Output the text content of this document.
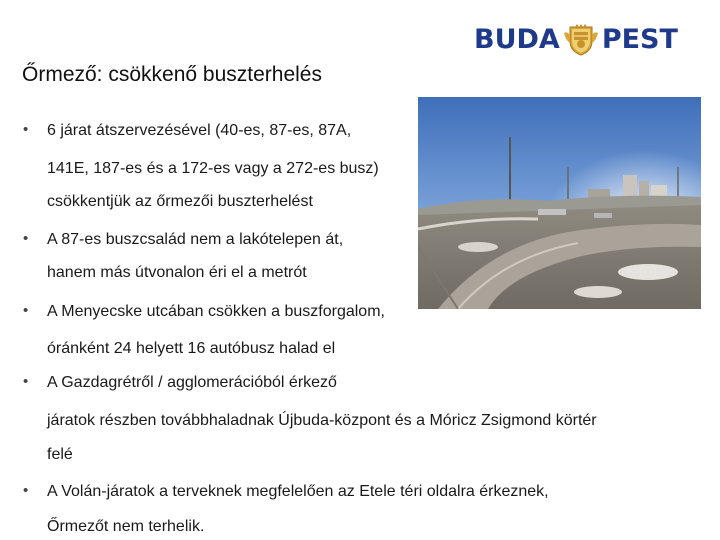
BUDA PEST
Őrmező: csökkenő buszterhelés
• 6 járat átszervezésével (40-es, 87-es, 87A,
141E, 187-es és a 172-es vagy a 272-es busz)
csökkentjük az őrmezői buszterhelést
• A 87-es buszcsalád nem a lakótelepen át,
hanem más útvonalon éri el a metrót
• A Menyecske utcában csökken a buszforgalom,
óránként 24 helyett 16 autóbusz halad el
• A Gazdagrétről / agglomerációból érkező
járatok részben továbbhaladnak Újbuda-központ és a Móricz Zsigmond körtér
felé
• A Volán-járatok a terveknek megfelelően az Etele téri oldalra érkeznek,
Őrmezőt nem terhelik.
